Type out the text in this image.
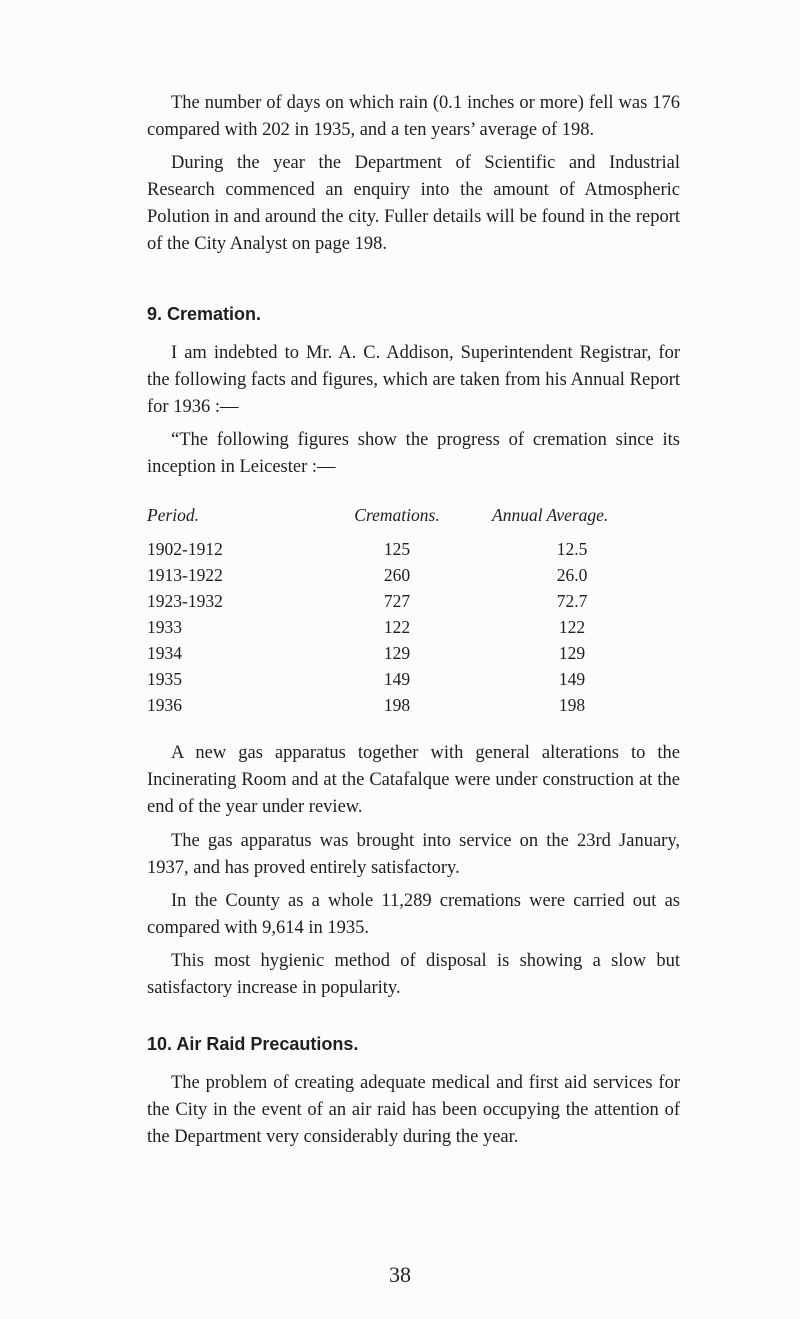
The number of days on which rain (0.1 inches or more) fell was 176 compared with 202 in 1935, and a ten years’ average of 198.

During the year the Department of Scientific and Industrial Research commenced an enquiry into the amount of Atmospheric Polution in and around the city. Fuller details will be found in the report of the City Analyst on page 198.

9. Cremation.

I am indebted to Mr. A. C. Addison, Superintendent Registrar, for the following facts and figures, which are taken from his Annual Report for 1936 :—

“The following figures show the progress of cremation since its inception in Leicester :—

Period.	Cremations.	Annual Average.
1902-1912	125	12.5
1913-1922	260	26.0
1923-1932	727	72.7
1933	122	122
1934	129	129
1935	149	149
1936	198	198

A new gas apparatus together with general alterations to the Incinerating Room and at the Catafalque were under construction at the end of the year under review.

The gas apparatus was brought into service on the 23rd January, 1937, and has proved entirely satisfactory.

In the County as a whole 11,289 cremations were carried out as compared with 9,614 in 1935.

This most hygienic method of disposal is showing a slow but satisfactory increase in popularity.

10. Air Raid Precautions.

The problem of creating adequate medical and first aid services for the City in the event of an air raid has been occupying the attention of the Department very considerably during the year.

38
